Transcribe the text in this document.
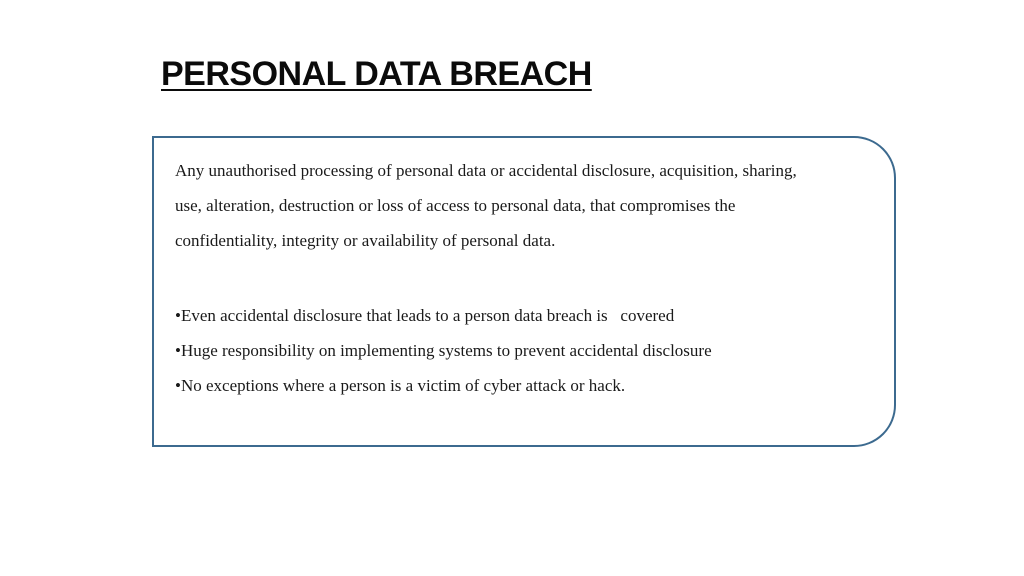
PERSONAL DATA BREACH

Any unauthorised processing of personal data or accidental disclosure, acquisition, sharing,
use, alteration, destruction or loss of access to personal data, that compromises the
confidentiality, integrity or availability of personal data.

•Even accidental disclosure that leads to a person data breach is   covered
•Huge responsibility on implementing systems to prevent accidental disclosure
•No exceptions where a person is a victim of cyber attack or hack.
